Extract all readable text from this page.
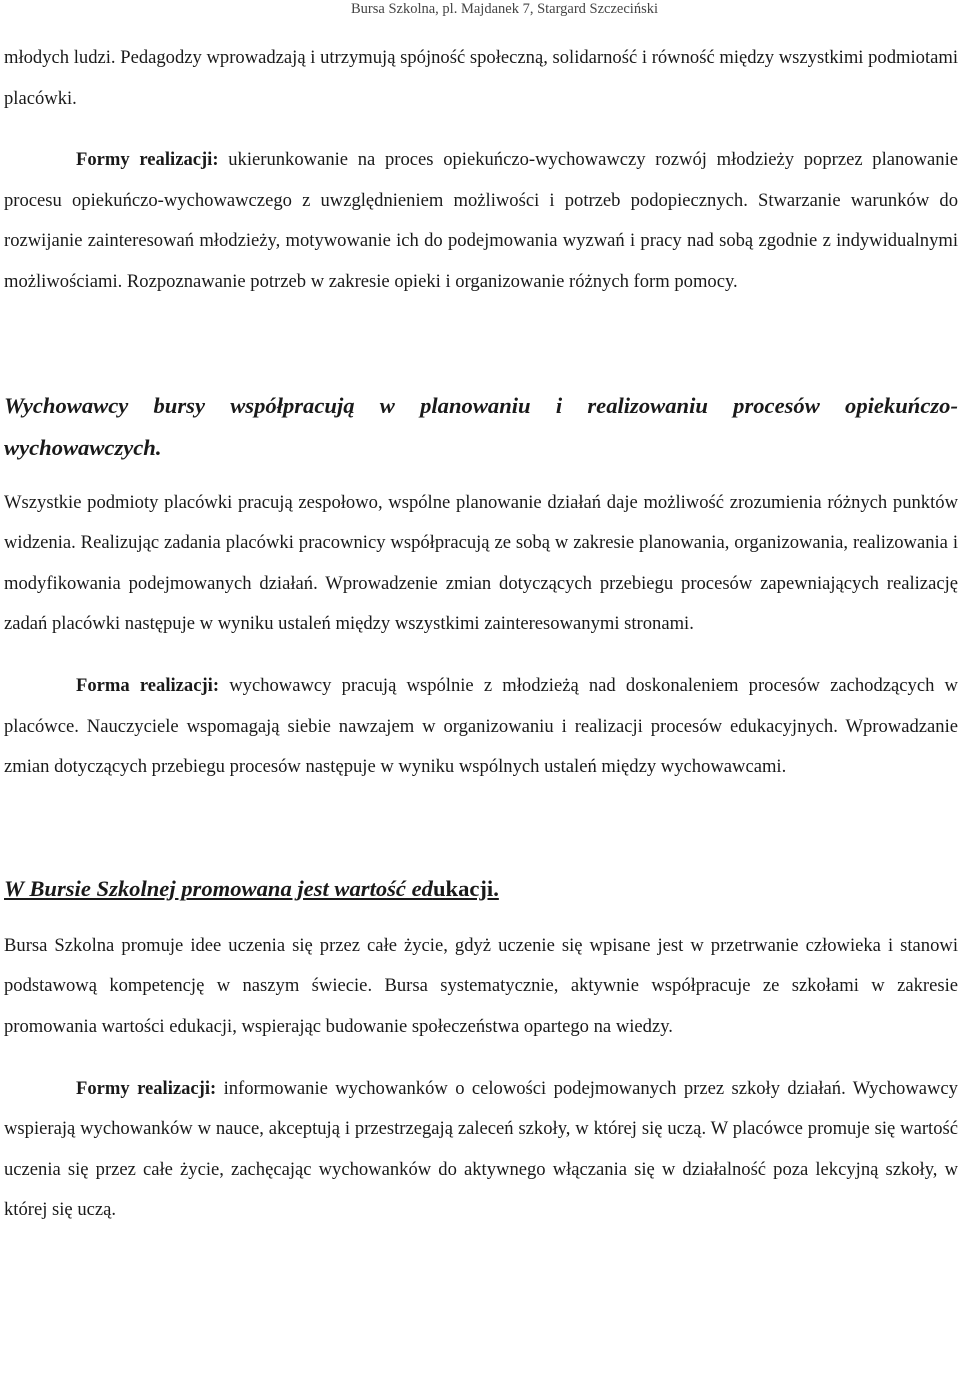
Bursa Szkolna, pl. Majdanek 7, Stargard Szczeciński

młodych ludzi. Pedagodzy wprowadzają i utrzymują spójność społeczną, solidarność i równość między wszystkimi podmiotami placówki.

Formy realizacji: ukierunkowanie na proces opiekuńczo-wychowawczy rozwój młodzieży poprzez planowanie procesu opiekuńczo-wychowawczego z uwzględnieniem możliwości i potrzeb podopiecznych. Stwarzanie warunków do rozwijanie zainteresowań młodzieży, motywowanie ich do podejmowania wyzwań i pracy nad sobą zgodnie z indywidualnymi możliwościami. Rozpoznawanie potrzeb w zakresie opieki i organizowanie różnych form pomocy.

Wychowawcy bursy współpracują w planowaniu i realizowaniu procesów opiekuńczo-wychowawczych.

Wszystkie podmioty placówki pracują zespołowo, wspólne planowanie działań daje możliwość zrozumienia różnych punktów widzenia. Realizując zadania placówki pracownicy współpracują ze sobą w zakresie planowania, organizowania, realizowania i modyfikowania podejmowanych działań. Wprowadzenie zmian dotyczących przebiegu procesów zapewniających realizację zadań placówki następuje w wyniku ustaleń między wszystkimi zainteresowanymi stronami.

Forma realizacji: wychowawcy pracują wspólnie z młodzieżą nad doskonaleniem procesów zachodzących w placówce. Nauczyciele wspomagają siebie nawzajem w organizowaniu i realizacji procesów edukacyjnych. Wprowadzanie zmian dotyczących przebiegu procesów następuje w wyniku wspólnych ustaleń między wychowawcami.

W Bursie Szkolnej promowana jest wartość edukacji.

Bursa Szkolna promuje idee uczenia się przez całe życie, gdyż uczenie się wpisane jest w przetrwanie człowieka i stanowi podstawową kompetencję w naszym świecie. Bursa systematycznie, aktywnie współpracuje ze szkołami w zakresie promowania wartości edukacji, wspierając budowanie społeczeństwa opartego na wiedzy.

Formy realizacji: informowanie wychowanków o celowości podejmowanych przez szkoły działań. Wychowawcy wspierają wychowanków w nauce, akceptują i przestrzegają zaleceń szkoły, w której się uczą. W placówce promuje się wartość uczenia się przez całe życie, zachęcając wychowanków do aktywnego włączania się w działalność poza lekcyjną szkoły, w której się uczą.
